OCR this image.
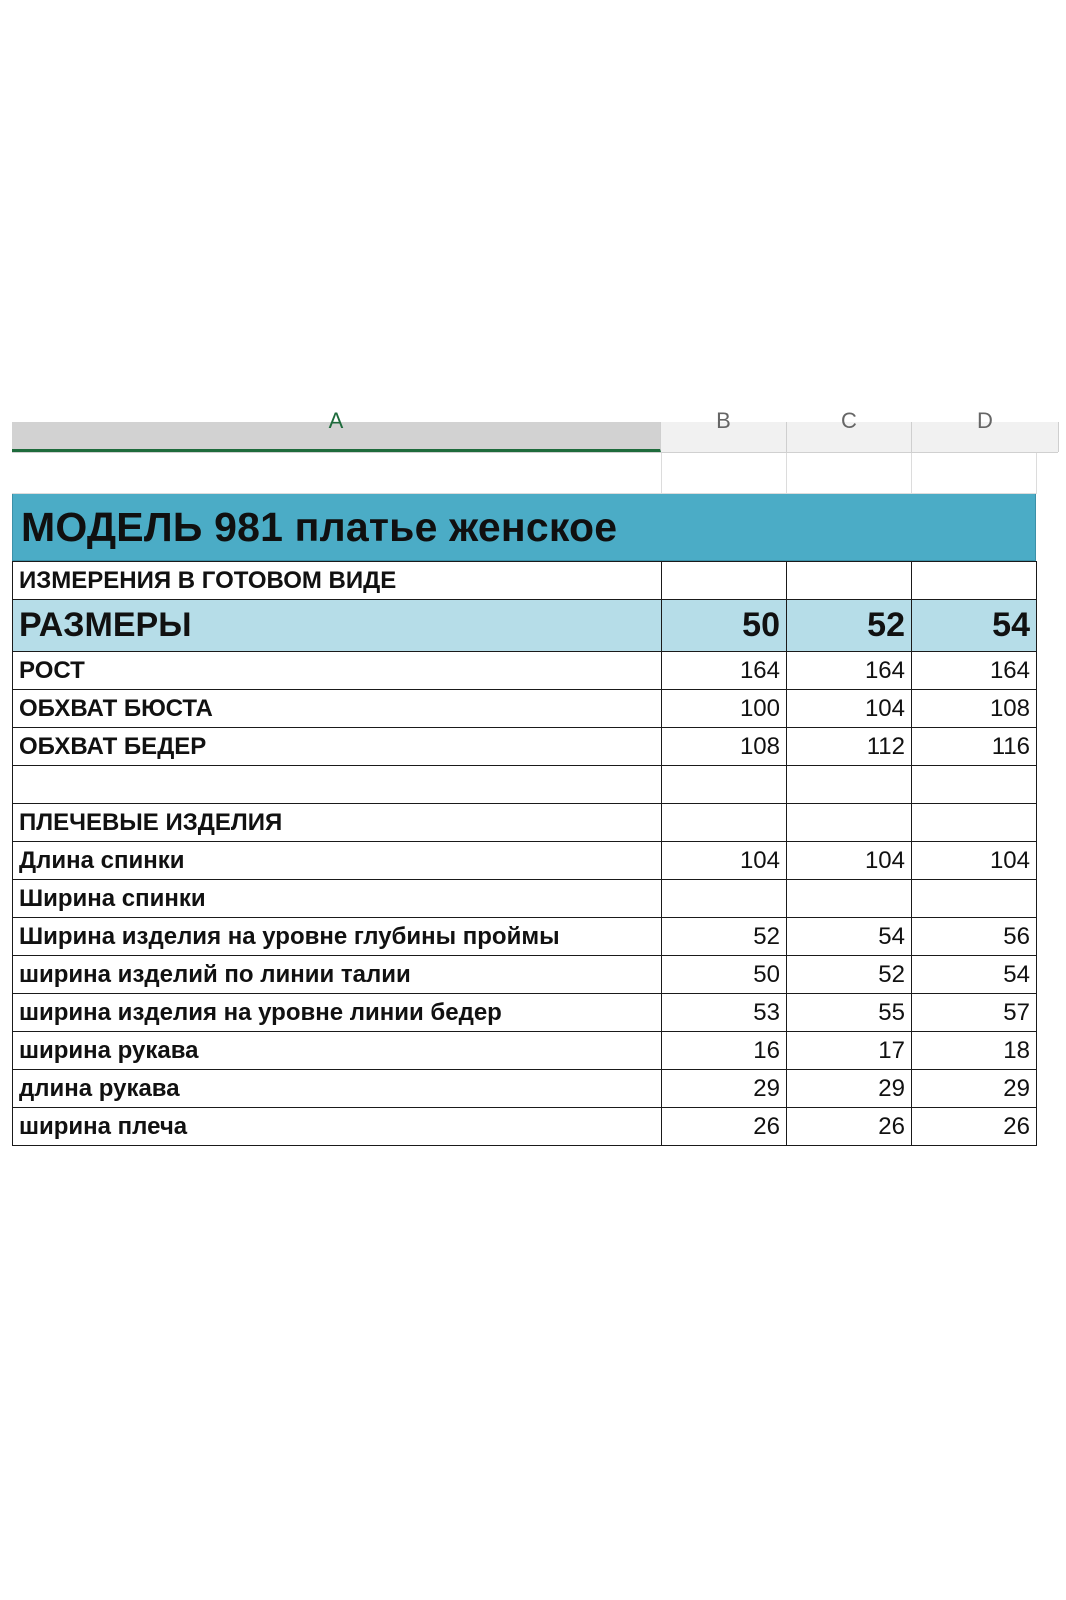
A	B	C	D
МОДЕЛЬ 981 платье женское
ИЗМЕРЕНИЯ В ГОТОВОМ ВИДЕ			
РАЗМЕРЫ	50	52	54
РОСТ	164	164	164
ОБХВАТ БЮСТА	100	104	108
ОБХВАТ БЕДЕР	108	112	116

ПЛЕЧЕВЫЕ ИЗДЕЛИЯ			
Длина спинки	104	104	104
Ширина спинки			
Ширина изделия на уровне глубины проймы	52	54	56
ширина изделий по линии талии	50	52	54
ширина изделия на уровне линии бедер	53	55	57
ширина рукава	16	17	18
длина рукава	29	29	29
ширина плеча	26	26	26
